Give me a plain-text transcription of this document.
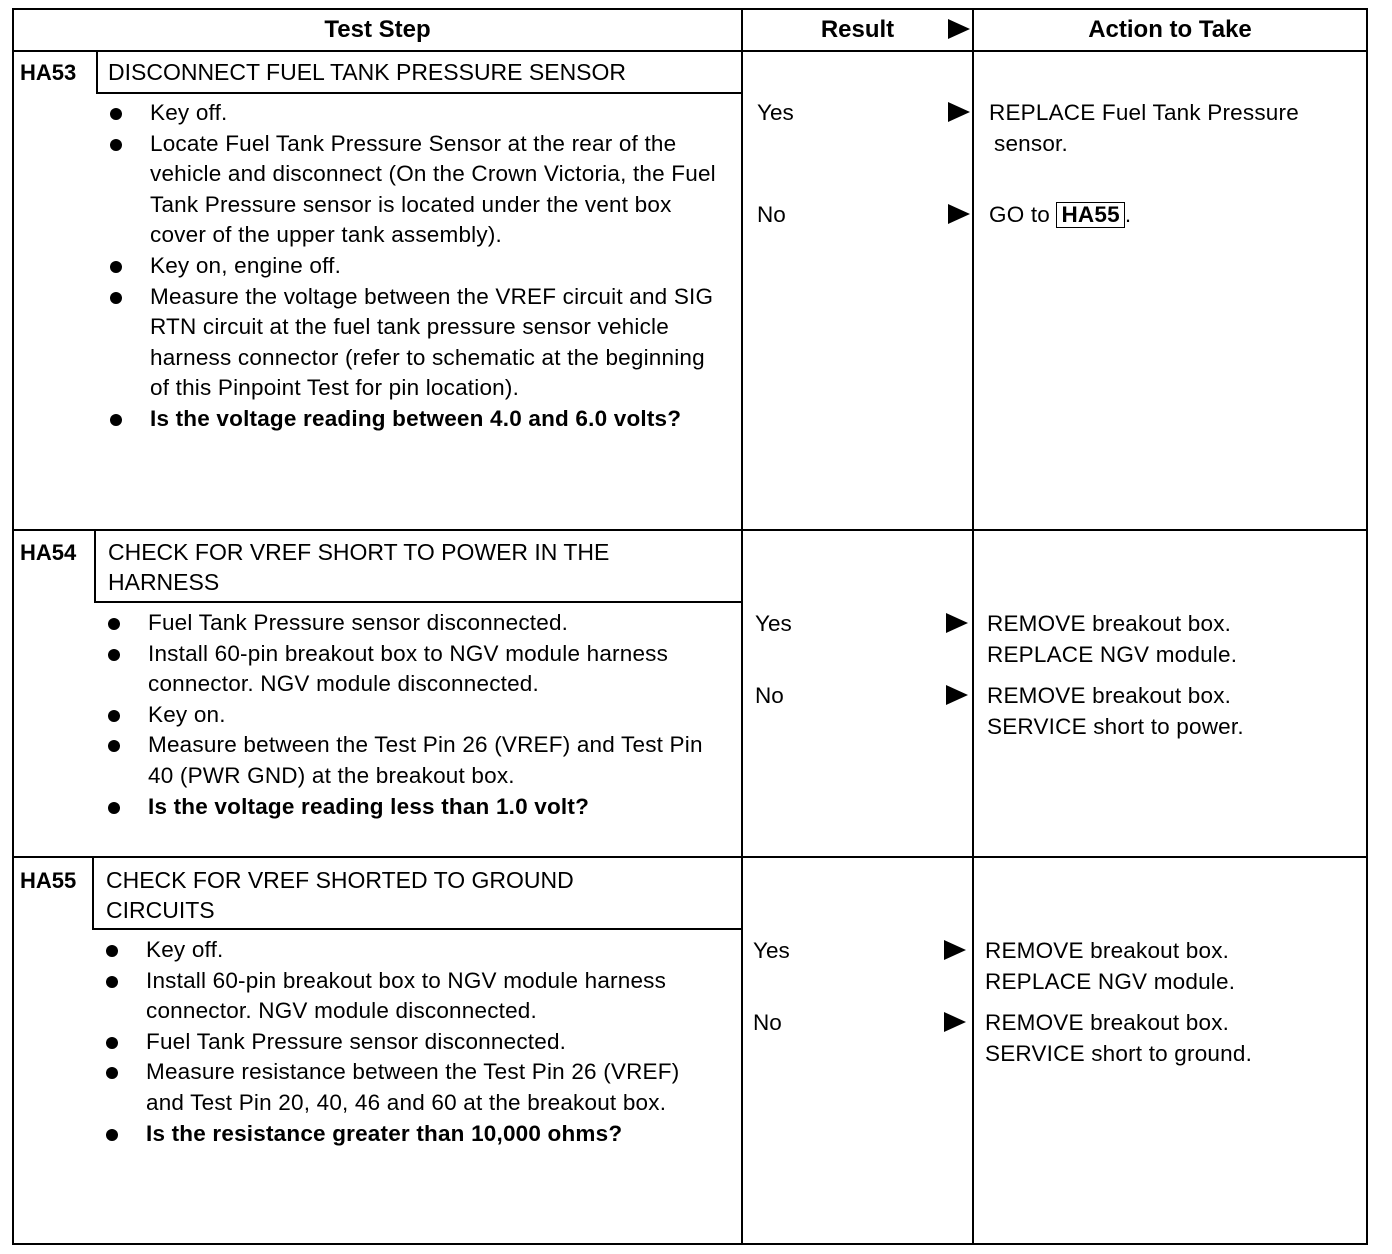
Test Step	Result	Action to Take
HA53 DISCONNECT FUEL TANK PRESSURE SENSOR
Key off.
Locate Fuel Tank Pressure Sensor at the rear of the vehicle and disconnect (On the Crown Victoria, the Fuel Tank Pressure sensor is located under the vent box cover of the upper tank assembly).
Key on, engine off.
Measure the voltage between the VREF circuit and SIG RTN circuit at the fuel tank pressure sensor vehicle harness connector (refer to schematic at the beginning of this Pinpoint Test for pin location).
Is the voltage reading between 4.0 and 6.0 volts?
Yes	REPLACE Fuel Tank Pressure
sensor.
No	GO to HA55 .
HA54 CHECK FOR VREF SHORT TO POWER IN THE
HARNESS
Fuel Tank Pressure sensor disconnected.
Install 60-pin breakout box to NGV module harness connector. NGV module disconnected.
Key on.
Measure between the Test Pin 26 (VREF) and Test Pin 40 (PWR GND) at the breakout box.
Is the voltage reading less than 1.0 volt?
Yes	REMOVE breakout box.
REPLACE NGV module.
No	REMOVE breakout box.
SERVICE short to power.
HA55 CHECK FOR VREF SHORTED TO GROUND
CIRCUITS
Key off.
Install 60-pin breakout box to NGV module harness connector. NGV module disconnected.
Fuel Tank Pressure sensor disconnected.
Measure resistance between the Test Pin 26 (VREF) and Test Pin 20, 40, 46 and 60 at the breakout box.
Is the resistance greater than 10,000 ohms?
Yes	REMOVE breakout box.
REPLACE NGV module.
No	REMOVE breakout box.
SERVICE short to ground.
